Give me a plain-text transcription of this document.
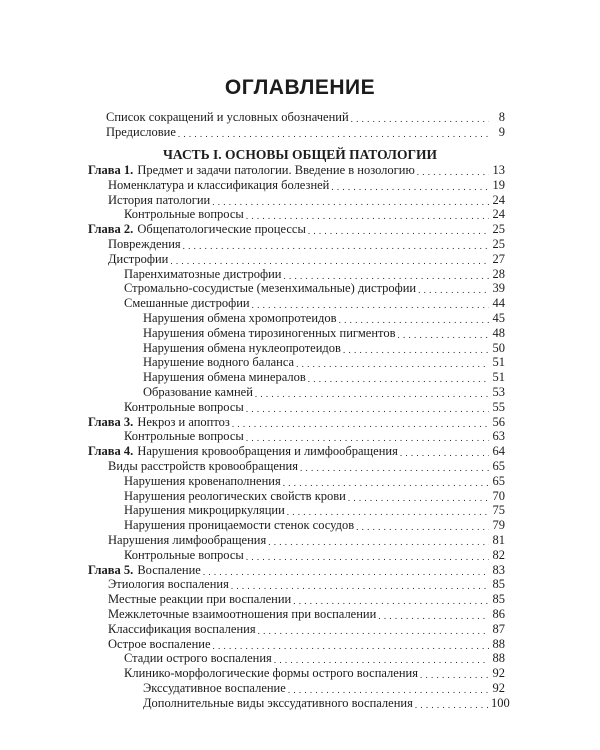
ОГЛАВЛЕНИЕ
ЧАСТЬ I. ОСНОВЫ ОБЩЕЙ ПАТОЛОГИИ
Список сокращений и условных обозначений . . .	8
Предисловие . . .	9
Глава 1. Предмет и задачи патологии. Введение в нозологию . . .	13
Номенклатура и классификация болезней . . .	19
История патологии . . .	24
Контрольные вопросы . . .	24
Глава 2. Общепатологические процессы . . .	25
Повреждения . . .	25
Дистрофии . . .	27
Паренхиматозные дистрофии . . .	28
Стромально-сосудистые (мезенхимальные) дистрофии . . .	39
Смешанные дистрофии . . .	44
Нарушения обмена хромопротеидов . . .	45
Нарушения обмена тирозиногенных пигментов . . .	48
Нарушения обмена нуклеопротеидов . . .	50
Нарушение водного баланса . . .	51
Нарушения обмена минералов . . .	51
Образование камней . . .	53
Контрольные вопросы . . .	55
Глава 3. Некроз и апоптоз . . .	56
Контрольные вопросы . . .	63
Глава 4. Нарушения кровообращения и лимфообращения . . .	64
Виды расстройств кровообращения . . .	65
Нарушения кровенаполнения . . .	65
Нарушения реологических свойств крови . . .	70
Нарушения микроциркуляции . . .	75
Нарушения проницаемости стенок сосудов . . .	79
Нарушения лимфообращения . . .	81
Контрольные вопросы . . .	82
Глава 5. Воспаление . . .	83
Этиология воспаления . . .	85
Местные реакции при воспалении . . .	85
Межклеточные взаимоотношения при воспалении . . .	86
Классификация воспаления . . .	87
Острое воспаление . . .	88
Стадии острого воспаления . . .	88
Клинико-морфологические формы острого воспаления . . .	92
Экссудативное воспаление . . .	92
Дополнительные виды экссудативного воспаления . . .	100
